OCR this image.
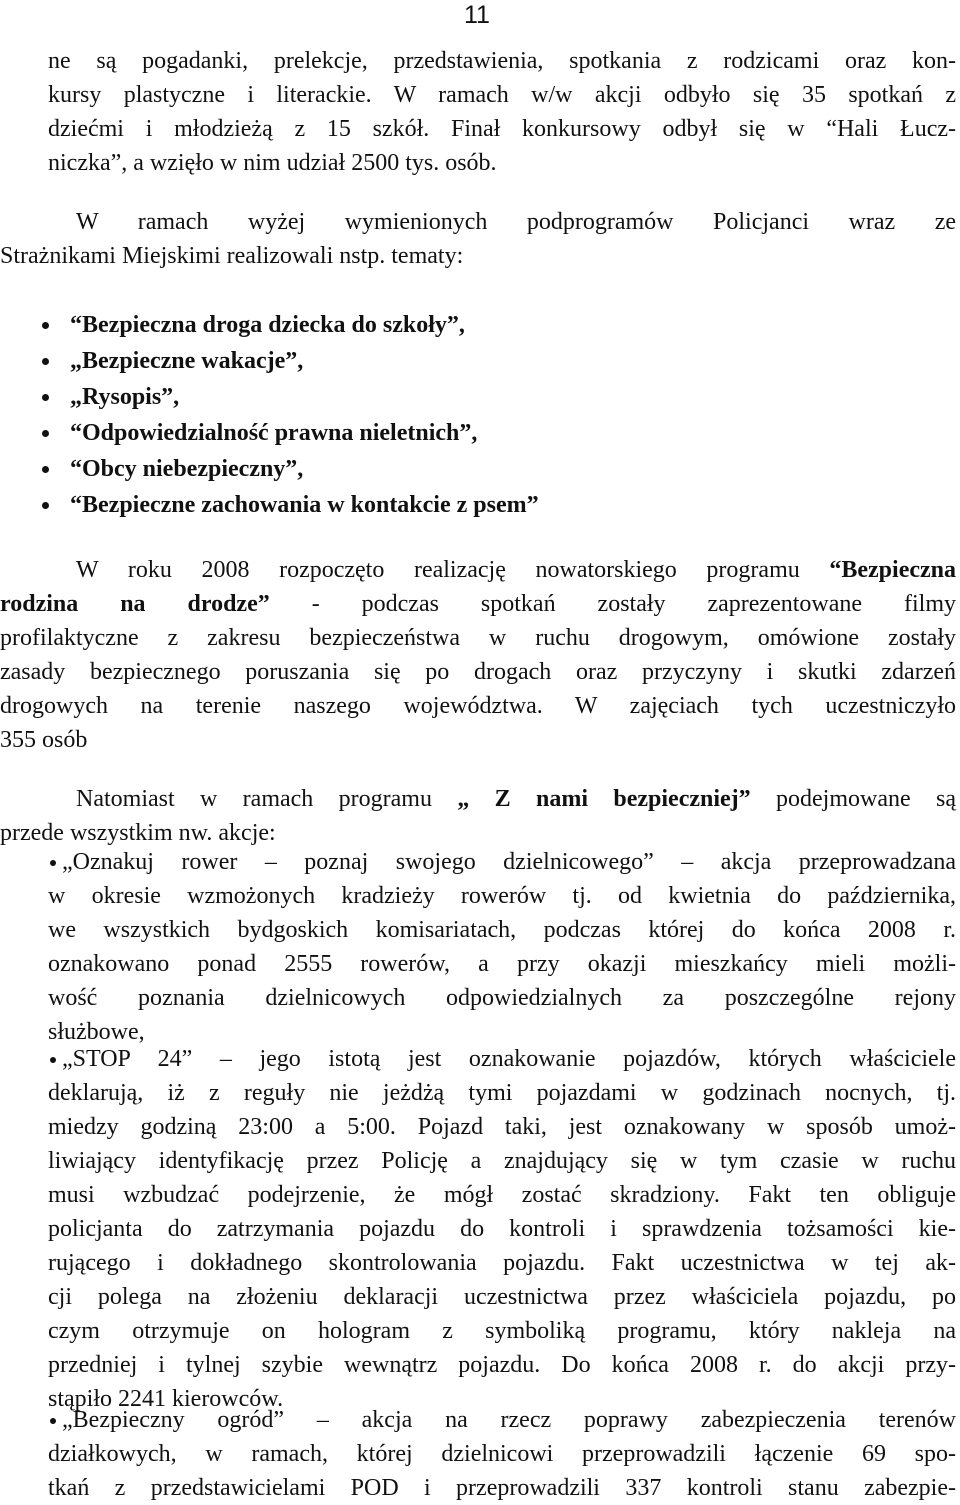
11

ne są pogadanki, prelekcje, przedstawienia, spotkania z rodzicami oraz kon-

kursy plastyczne i literackie. W ramach w/w akcji odbyło się 35 spotkań z

dziećmi i młodzieżą z 15 szkół. Finał konkursowy odbył się w “Hali Łucz-

niczka”, a wzięło w nim udział 2500 tys. osób.

W ramach wyżej wymienionych podprogramów Policjanci wraz ze

Strażnikami Miejskimi realizowali nstp. tematy:

“Bezpieczna droga dziecka do szkoły”,
„Bezpieczne wakacje”,
„Rysopis”,
“Odpowiedzialność prawna nieletnich”,
“Obcy niebezpieczny”,
“Bezpieczne zachowania w kontakcie z psem”

W roku 2008 rozpoczęto realizację nowatorskiego programu “Bezpieczna

rodzina na drodze” - podczas spotkań zostały zaprezentowane filmy

profilaktyczne z zakresu bezpieczeństwa w ruchu drogowym, omówione zostały

zasady bezpiecznego poruszania się po drogach oraz przyczyny i skutki zdarzeń

drogowych na terenie naszego województwa. W zajęciach tych uczestniczyło

355 osób

Natomiast w ramach programu „ Z nami bezpieczniej” podejmowane są

przede wszystkim nw. akcje:

„Oznakuj rower – poznaj swojego dzielnicowego” – akcja przeprowadzana

w okresie wzmożonych kradzieży rowerów tj. od kwietnia do października,

we wszystkich bydgoskich komisariatach, podczas której do końca 2008 r.

oznakowano ponad 2555 rowerów, a przy okazji mieszkańcy mieli możli-

wość poznania dzielnicowych odpowiedzialnych za poszczególne rejony

służbowe,

„STOP 24” – jego istotą jest oznakowanie pojazdów, których właściciele

deklarują, iż z reguły nie jeżdżą tymi pojazdami w godzinach nocnych, tj.

miedzy godziną 23:00 a 5:00. Pojazd taki, jest oznakowany w sposób umoż-

liwiający identyfikację przez Policję a znajdujący się w tym czasie w ruchu

musi wzbudzać podejrzenie, że mógł zostać skradziony. Fakt ten obliguje

policjanta do zatrzymania pojazdu do kontroli i sprawdzenia tożsamości kie-

rującego i dokładnego skontrolowania pojazdu. Fakt uczestnictwa w tej ak-

cji polega na złożeniu deklaracji uczestnictwa przez właściciela pojazdu, po

czym otrzymuje on hologram z symboliką programu, który nakleja na

przedniej i tylnej szybie wewnątrz pojazdu. Do końca 2008 r. do akcji przy-

stąpiło 2241 kierowców.

„Bezpieczny ogród” – akcja na rzecz poprawy zabezpieczenia terenów

działkowych, w ramach, której dzielnicowi przeprowadzili łączenie 69 spo-

tkań z przedstawicielami POD i przeprowadzili 337 kontroli stanu zabezpie-
